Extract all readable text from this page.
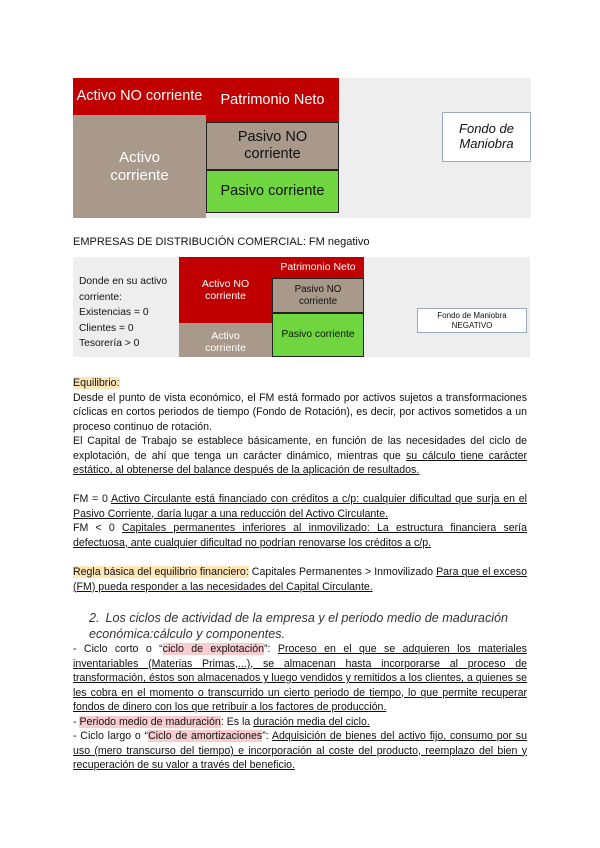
Activo NO corriente
Activo corriente
Patrimonio Neto
Pasivo NO corriente
Pasivo corriente
Fondo de Maniobra
EMPRESAS DE DISTRIBUCIÓN COMERCIAL: FM negativo
Donde en su activo
corriente:
Existencias = 0
Clientes = 0
Tesorería > 0
Activo NO corriente
Activo corriente
Patrimonio Neto
Pasivo NO corriente
Pasivo corriente
Fondo de Maniobra
NEGATIVO
Equilibrio:
Desde el punto de vista económico, el FM está formado por activos sujetos a transformaciones cíclicas en cortos periodos de tiempo (Fondo de Rotación), es decir, por activos sometidos a un proceso continuo de rotación.
El Capital de Trabajo se establece básicamente, en función de las necesidades del ciclo de explotación, de ahí que tenga un carácter dinámico, mientras que su cálculo tiene carácter estático, al obtenerse del balance después de la aplicación de resultados.
FM = 0 Activo Circulante está financiado con créditos a c/p: cualquier dificultad que surja en el Pasivo Corriente, daría lugar a una reducción del Activo Circulante.
FM < 0 Capitales permanentes inferiores al inmovilizado: La estructura financiera sería defectuosa, ante cualquier dificultad no podrían renovarse los créditos a c/p.
Regla básica del equilibrio financiero: Capitales Permanentes > Inmovilizado Para que el exceso (FM) pueda responder a las necesidades del Capital Circulante.
2. Los ciclos de actividad de la empresa y el periodo medio de maduración económica:cálculo y componentes.
- Ciclo corto o “ciclo de explotación”: Proceso en el que se adquieren los materiales inventariables (Materias Primas,...), se almacenan hasta incorporarse al proceso de transformación, éstos son almacenados y luego vendidos y remitidos a los clientes, a quienes se les cobra en el momento o transcurrido un cierto periodo de tiempo, lo que permite recuperar fondos de dinero con los que retribuir a los factores de producción.
- Periodo medio de maduración: Es la duración media del ciclo.
- Ciclo largo o “Ciclo de amortizaciones”: Adquisición de bienes del activo fijo, consumo por su uso (mero transcurso del tiempo) e incorporación al coste del producto, reemplazo del bien y recuperación de su valor a través del beneficio.
